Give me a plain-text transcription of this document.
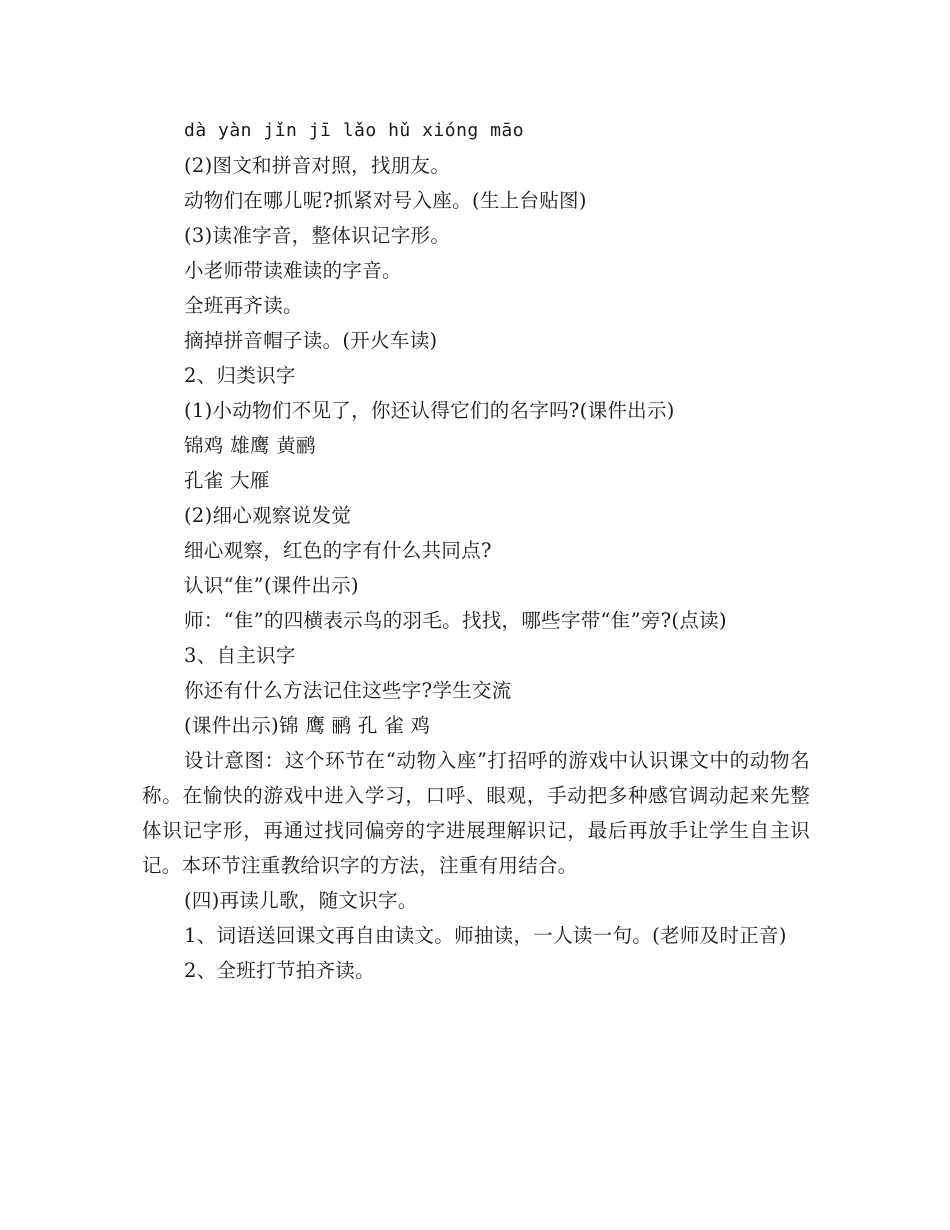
dà yàn jǐn jī lǎo hǔ xióng māo
(2)图文和拼音对照，找朋友。
动物们在哪儿呢?抓紧对号入座。(生上台贴图)
(3)读准字音，整体识记字形。
小老师带读难读的字音。
全班再齐读。
摘掉拼音帽子读。(开火车读)
2、归类识字
(1)小动物们不见了，你还认得它们的名字吗?(课件出示)
锦鸡 雄鹰 黄鹂
孔雀 大雁
(2)细心观察说发觉
细心观察，红色的字有什么共同点?
认识“隹”(课件出示)
师：“隹”的四横表示鸟的羽毛。找找，哪些字带“隹”旁?(点读)
3、自主识字
你还有什么方法记住这些字?学生交流
(课件出示)锦 鹰 鹂 孔 雀 鸡
设计意图：这个环节在“动物入座”打招呼的游戏中认识课文中的动物名称。在愉快的游戏中进入学习，口呼、眼观，手动把多种感官调动起来先整体识记字形，再通过找同偏旁的字进展理解识记，最后再放手让学生自主识记。本环节注重教给识字的方法，注重有用结合。
(四)再读儿歌，随文识字。
1、词语送回课文再自由读文。师抽读，一人读一句。(老师及时正音)
2、全班打节拍齐读。
